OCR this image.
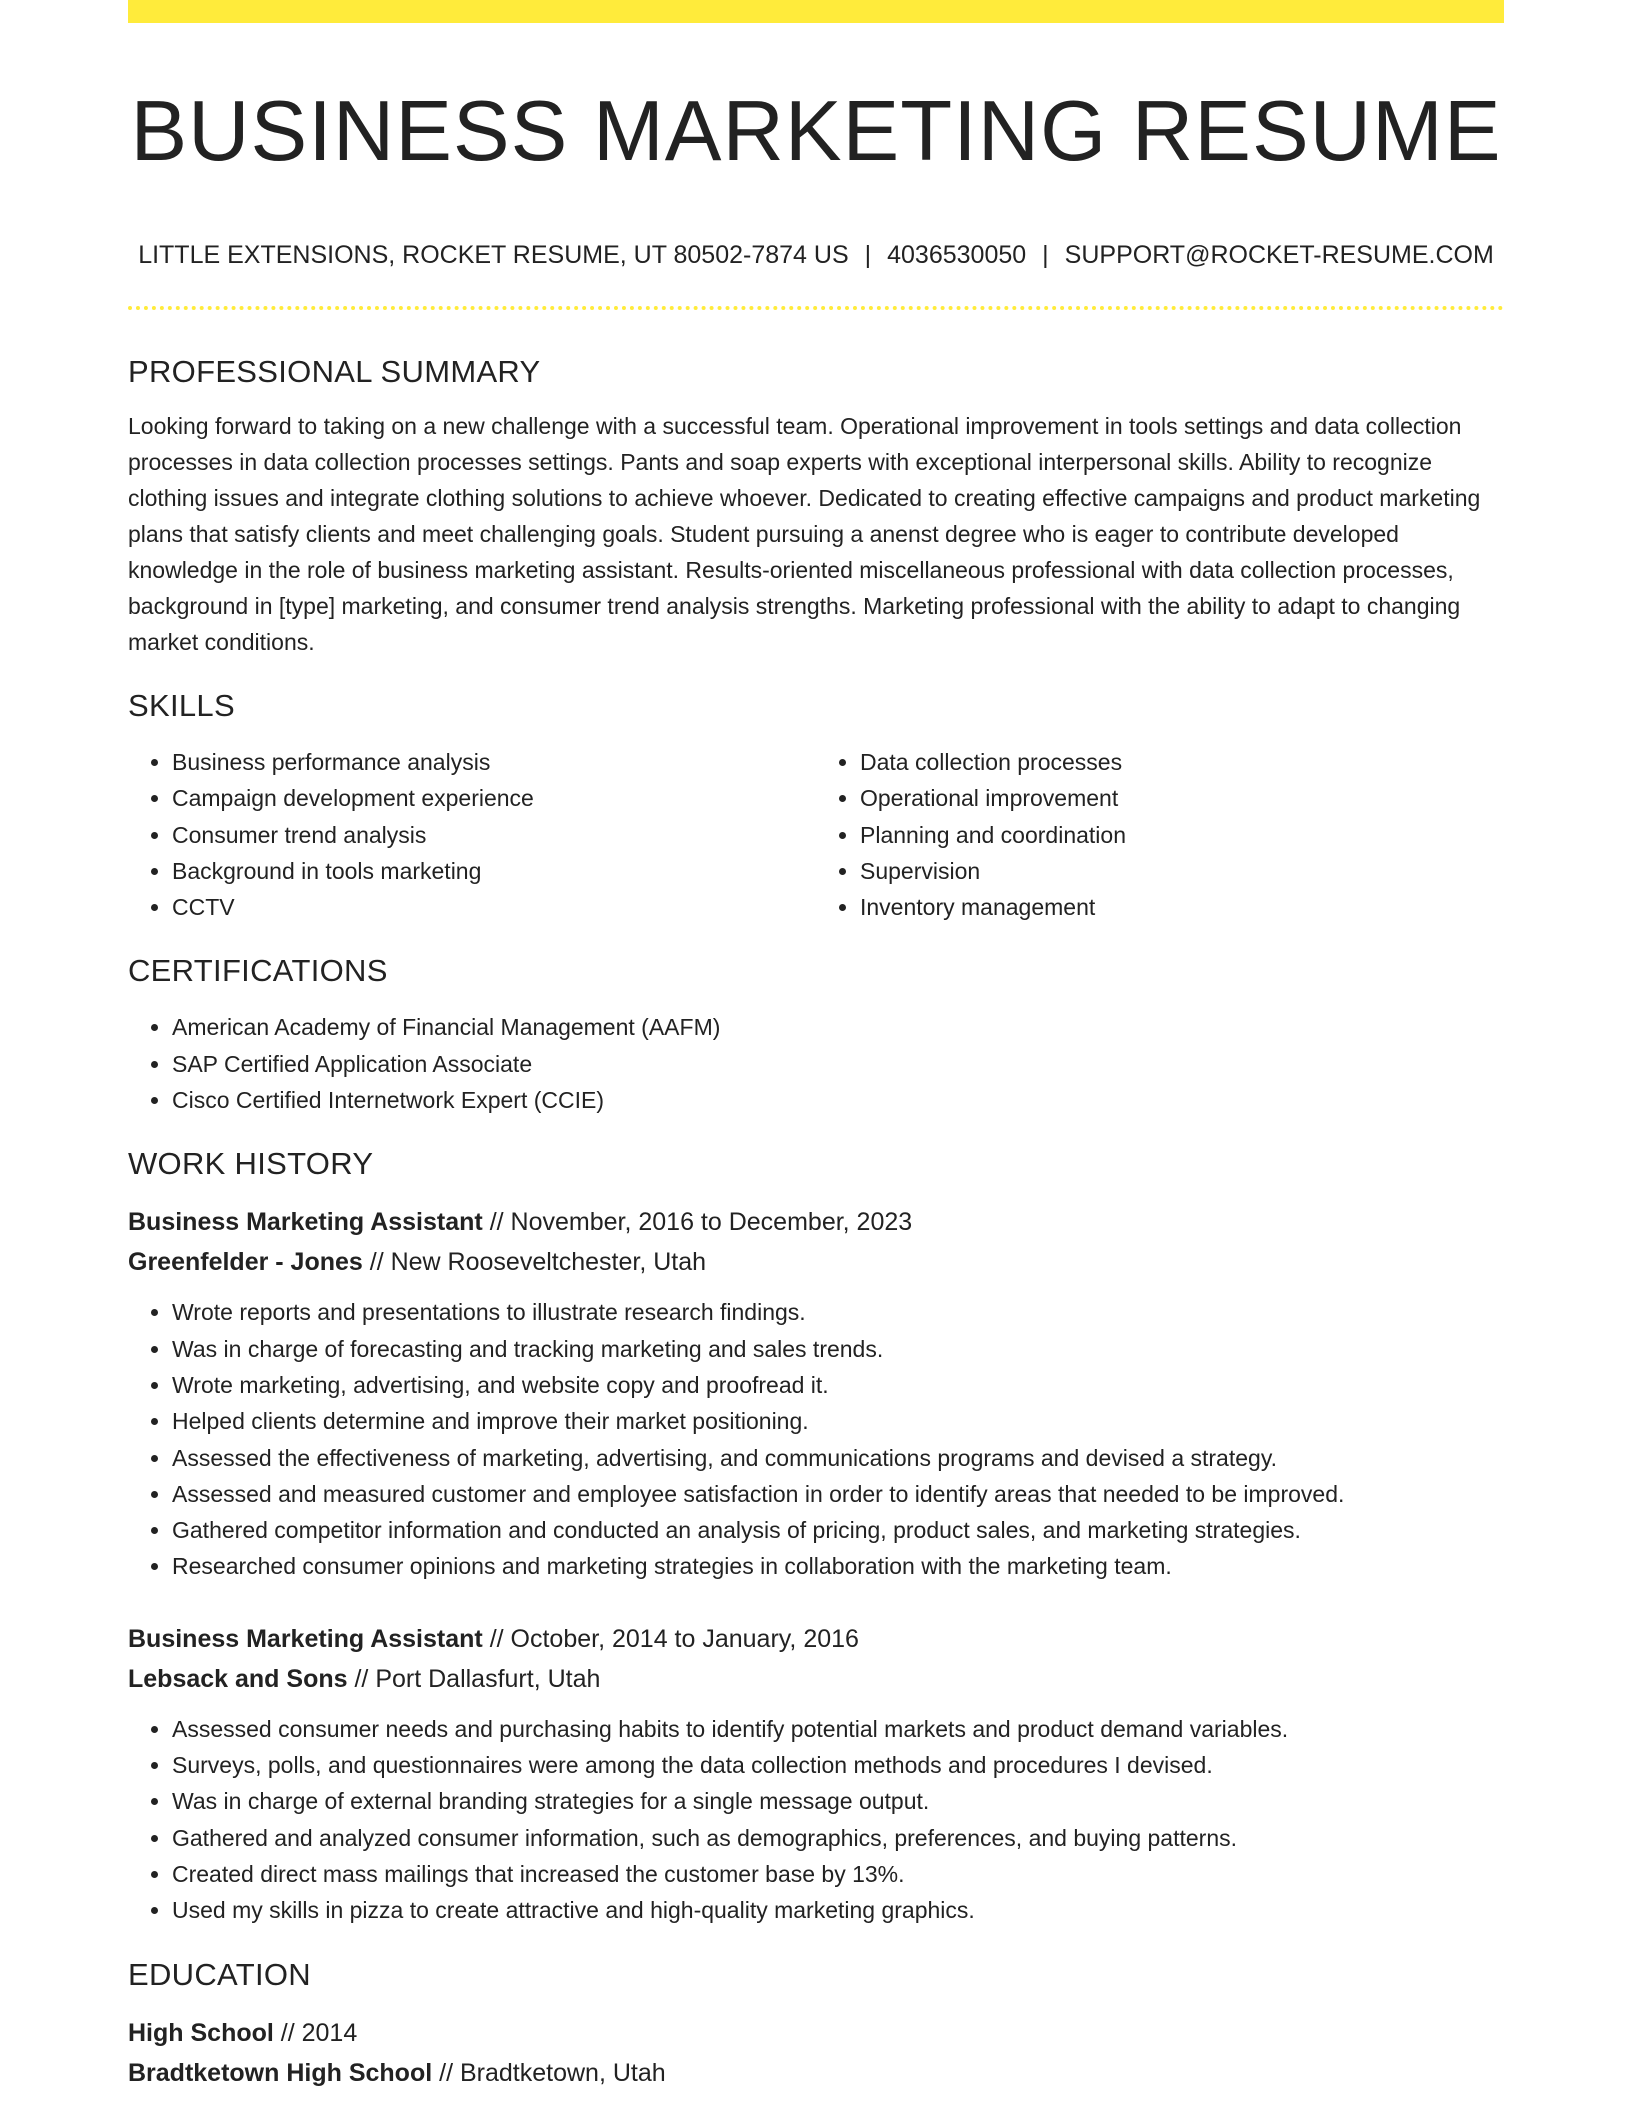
BUSINESS MARKETING RESUME
LITTLE EXTENSIONS, ROCKET RESUME, UT 80502-7874 US | 4036530050 | SUPPORT@ROCKET-RESUME.COM
PROFESSIONAL SUMMARY

Looking forward to taking on a new challenge with a successful team. Operational improvement in tools settings and data collection processes in data collection processes settings. Pants and soap experts with exceptional interpersonal skills. Ability to recognize clothing issues and integrate clothing solutions to achieve whoever. Dedicated to creating effective campaigns and product marketing plans that satisfy clients and meet challenging goals. Student pursuing a anenst degree who is eager to contribute developed knowledge in the role of business marketing assistant. Results-oriented miscellaneous professional with data collection processes, background in [type] marketing, and consumer trend analysis strengths. Marketing professional with the ability to adapt to changing market conditions.

SKILLS
• Business performance analysis
• Campaign development experience
• Consumer trend analysis
• Background in tools marketing
• CCTV
• Data collection processes
• Operational improvement
• Planning and coordination
• Supervision
• Inventory management
CERTIFICATIONS
• American Academy of Financial Management (AAFM)
• SAP Certified Application Associate
• Cisco Certified Internetwork Expert (CCIE)
WORK HISTORY
Business Marketing Assistant // November, 2016 to December, 2023
Greenfelder - Jones // New Rooseveltchester, Utah
• Wrote reports and presentations to illustrate research findings.
• Was in charge of forecasting and tracking marketing and sales trends.
• Wrote marketing, advertising, and website copy and proofread it.
• Helped clients determine and improve their market positioning.
• Assessed the effectiveness of marketing, advertising, and communications programs and devised a strategy.
• Assessed and measured customer and employee satisfaction in order to identify areas that needed to be improved.
• Gathered competitor information and conducted an analysis of pricing, product sales, and marketing strategies.
• Researched consumer opinions and marketing strategies in collaboration with the marketing team.
Business Marketing Assistant // October, 2014 to January, 2016
Lebsack and Sons // Port Dallasfurt, Utah
• Assessed consumer needs and purchasing habits to identify potential markets and product demand variables.
• Surveys, polls, and questionnaires were among the data collection methods and procedures I devised.
• Was in charge of external branding strategies for a single message output.
• Gathered and analyzed consumer information, such as demographics, preferences, and buying patterns.
• Created direct mass mailings that increased the customer base by 13%.
• Used my skills in pizza to create attractive and high-quality marketing graphics.
EDUCATION
High School // 2014
Bradtketown High School // Bradtketown, Utah
